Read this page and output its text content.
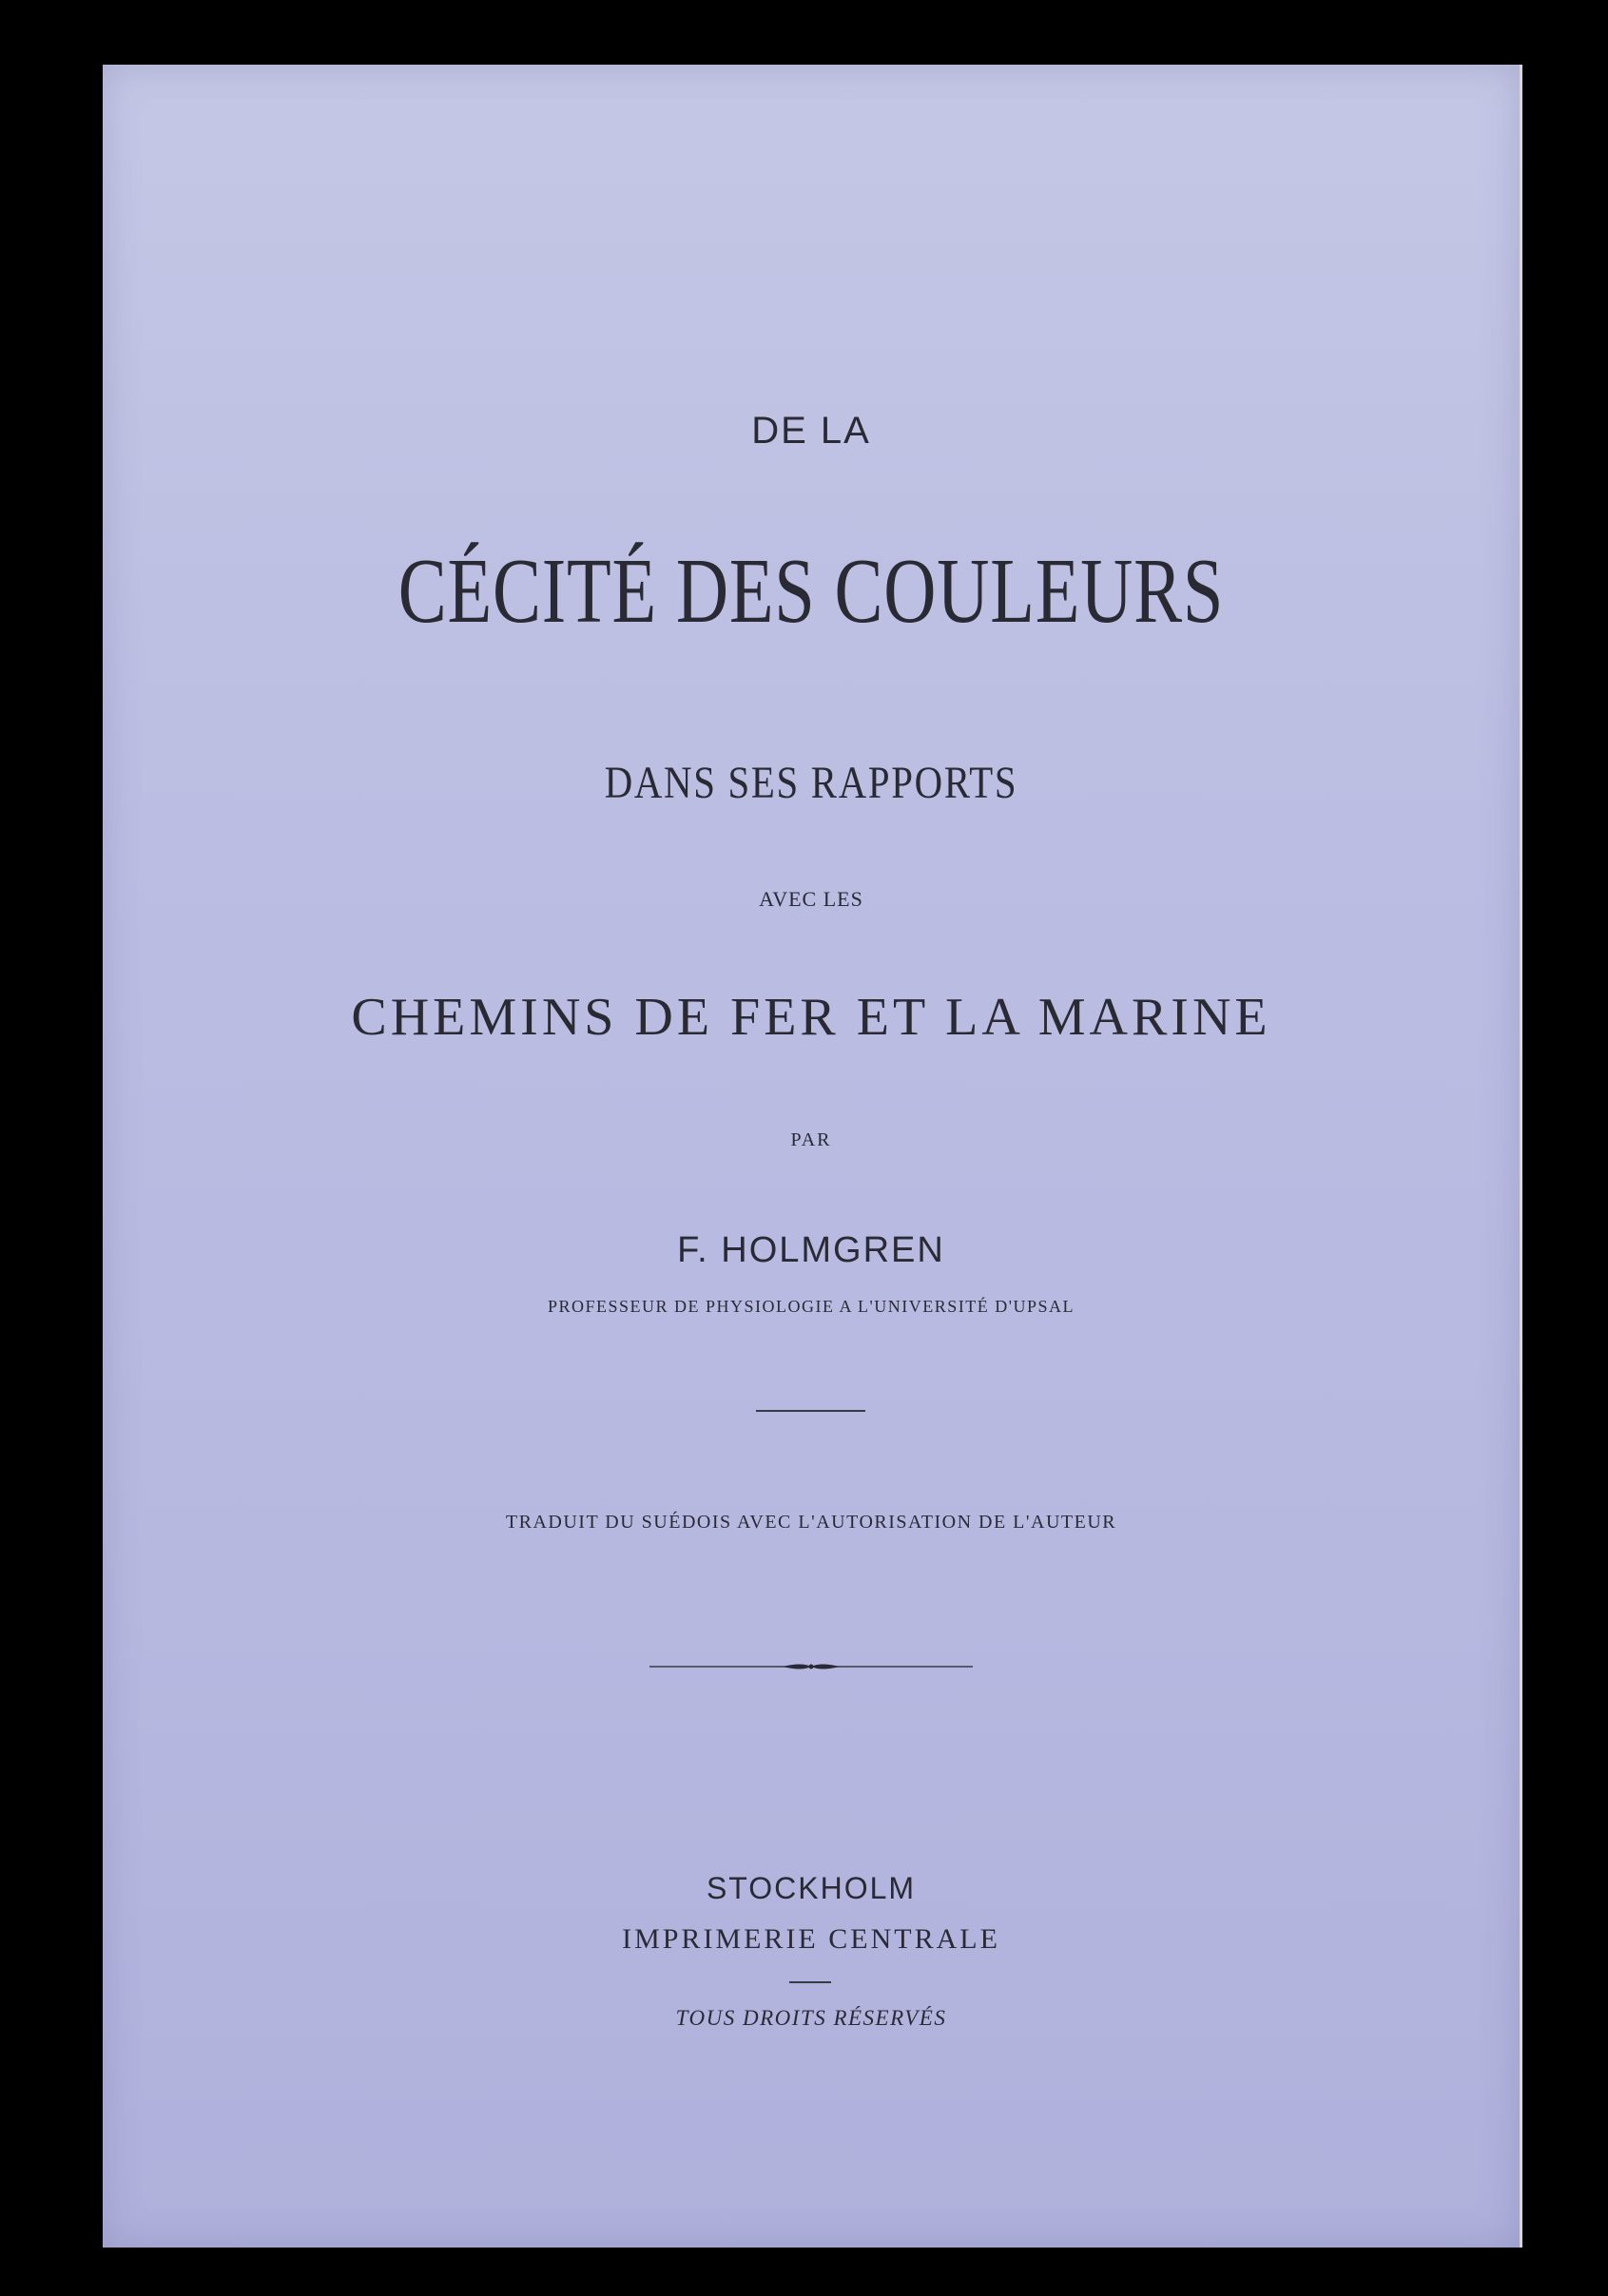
DE LA
CÉCITÉ DES COULEURS
DANS SES RAPPORTS
AVEC LES
CHEMINS DE FER ET LA MARINE
PAR
F. HOLMGREN
PROFESSEUR DE PHYSIOLOGIE A L'UNIVERSITÉ D'UPSAL
TRADUIT DU SUÉDOIS AVEC L'AUTORISATION DE L'AUTEUR
STOCKHOLM
IMPRIMERIE CENTRALE
TOUS DROITS RÉSERVÉS
